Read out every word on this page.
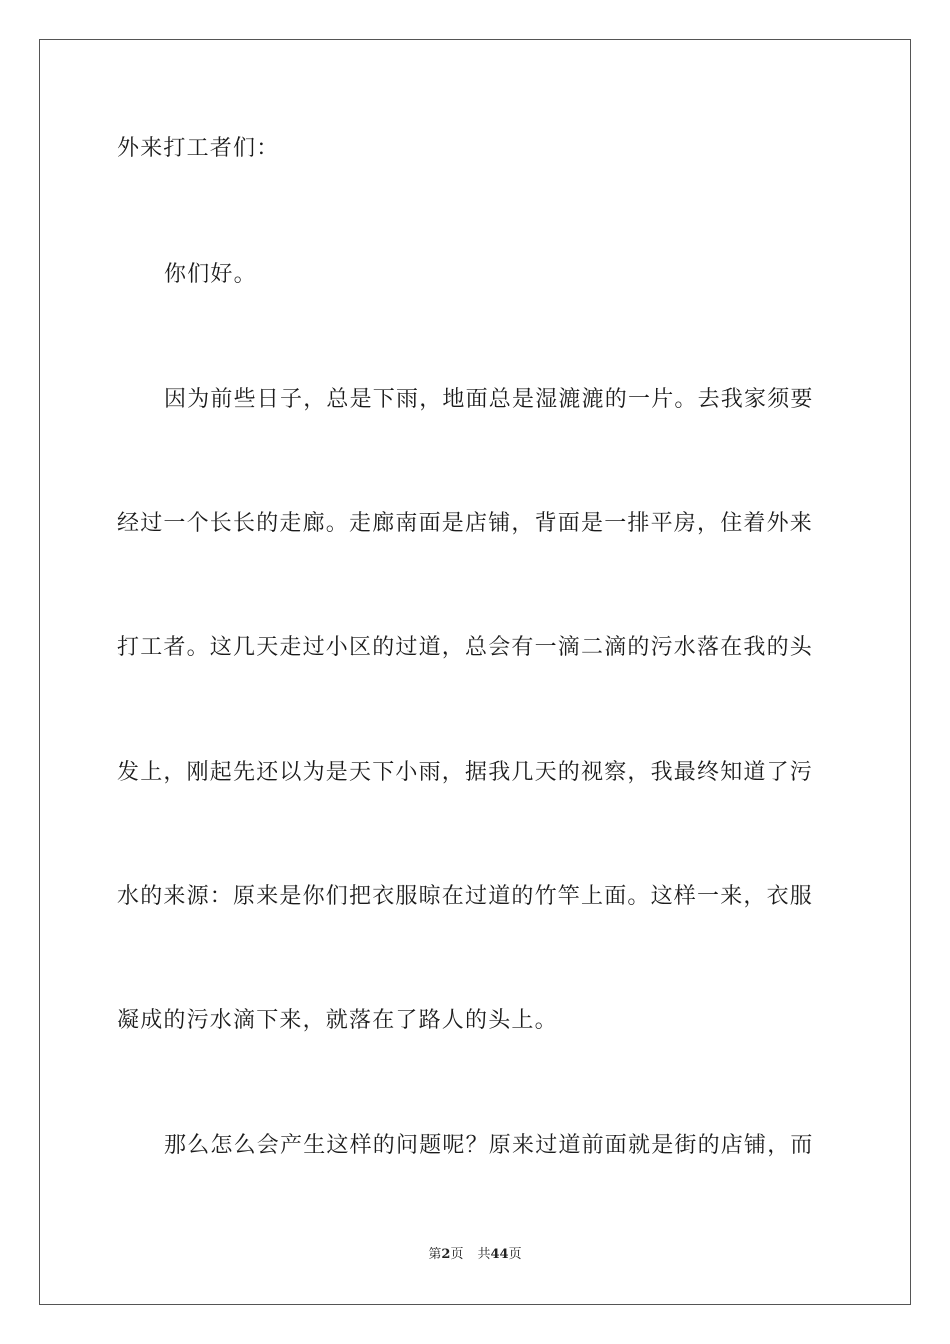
外来打工者们：
你们好。
因为前些日子，总是下雨，地面总是湿漉漉的一片。去我家须要
经过一个长长的走廊。走廊南面是店铺，背面是一排平房，住着外来
打工者。这几天走过小区的过道，总会有一滴二滴的污水落在我的头
发上，刚起先还以为是天下小雨，据我几天的视察，我最终知道了污
水的来源：原来是你们把衣服晾在过道的竹竿上面。这样一来，衣服
凝成的污水滴下来，就落在了路人的头上。
那么怎么会产生这样的问题呢？原来过道前面就是街的店铺，而
第2页 共44页
